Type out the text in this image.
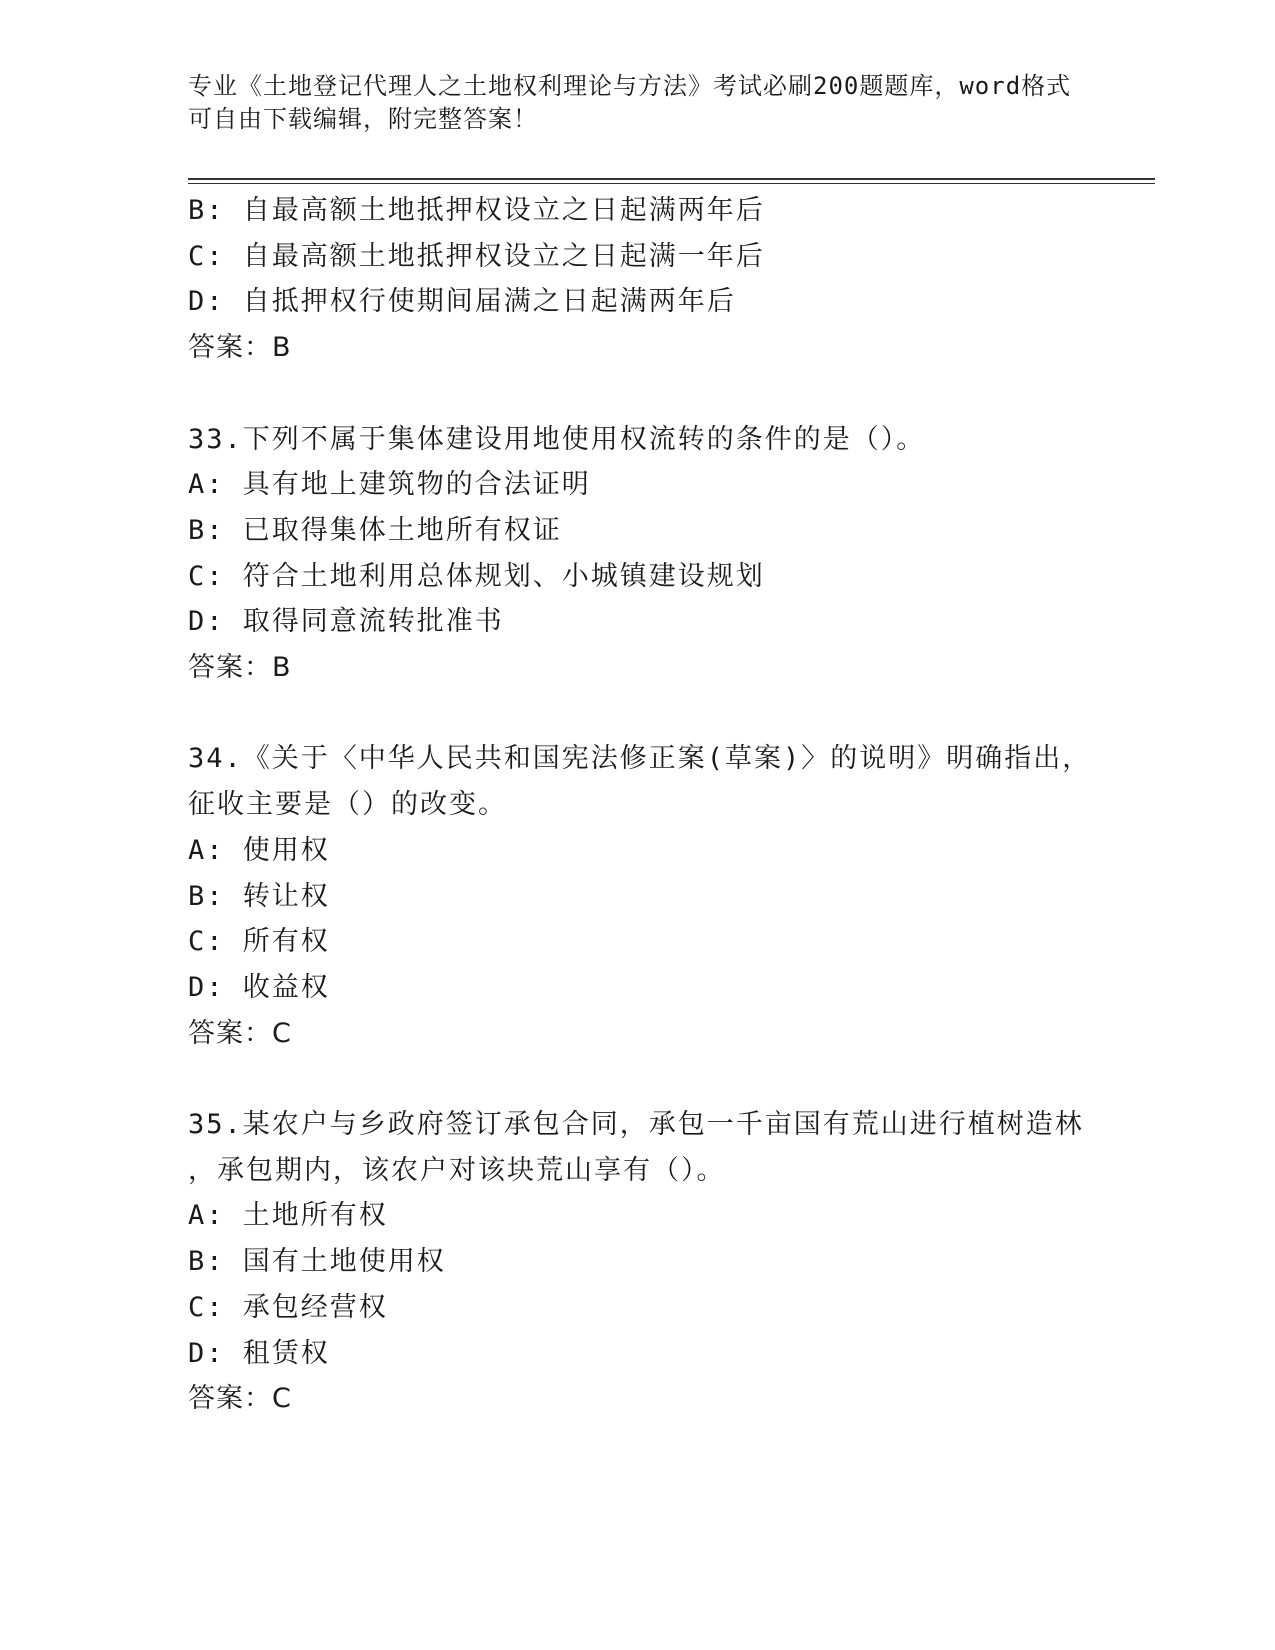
专业《土地登记代理人之土地权利理论与方法》考试必刷200题题库，word格式
可自由下载编辑，附完整答案！
B: 自最高额土地抵押权设立之日起满两年后
C: 自最高额土地抵押权设立之日起满一年后
D: 自抵押权行使期间届满之日起满两年后
答案：B
33.下列不属于集体建设用地使用权流转的条件的是（）。
A: 具有地上建筑物的合法证明
B: 已取得集体土地所有权证
C: 符合土地利用总体规划、小城镇建设规划
D: 取得同意流转批准书
答案：B
34.《关于〈中华人民共和国宪法修正案(草案)〉的说明》明确指出，
征收主要是（）的改变。
A: 使用权
B: 转让权
C: 所有权
D: 收益权
答案：C
35.某农户与乡政府签订承包合同，承包一千亩国有荒山进行植树造林
，承包期内，该农户对该块荒山享有（）。
A: 土地所有权
B: 国有土地使用权
C: 承包经营权
D: 租赁权
答案：C
